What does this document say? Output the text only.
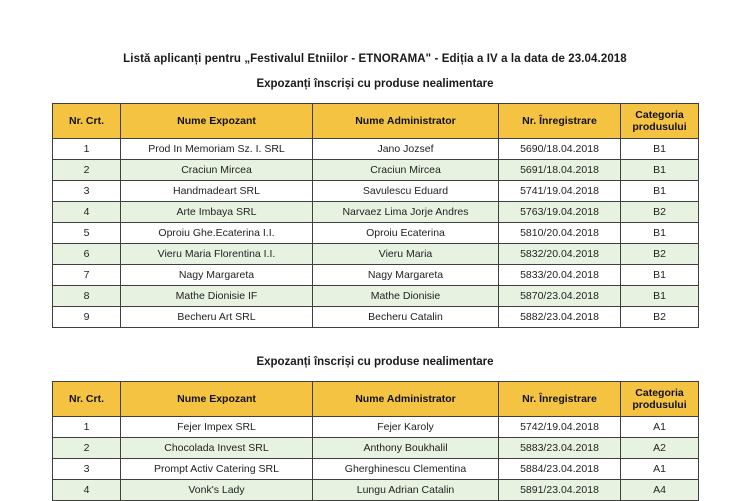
Listă aplicanți pentru „Festivalul Etniilor - ETNORAMA" - Ediția a IV a la data de 23.04.2018
Expozanți înscriși cu produse nealimentare
Nr. Crt.	Nume Expozant	Nume Administrator	Nr. Înregistrare	Categoria produsului
1	Prod In Memoriam Sz. I. SRL	Jano Jozsef	5690/18.04.2018	B1
2	Craciun Mircea	Craciun Mircea	5691/18.04.2018	B1
3	Handmadeart SRL	Savulescu Eduard	5741/19.04.2018	B1
4	Arte Imbaya SRL	Narvaez Lima Jorje Andres	5763/19.04.2018	B2
5	Oproiu Ghe.Ecaterina I.I.	Oproiu Ecaterina	5810/20.04.2018	B1
6	Vieru Maria Florentina I.I.	Vieru Maria	5832/20.04.2018	B2
7	Nagy Margareta	Nagy Margareta	5833/20.04.2018	B1
8	Mathe Dionisie IF	Mathe Dionisie	5870/23.04.2018	B1
9	Becheru Art SRL	Becheru Catalin	5882/23.04.2018	B2
Expozanți înscriși cu produse nealimentare
Nr. Crt.	Nume Expozant	Nume Administrator	Nr. Înregistrare	Categoria produsului
1	Fejer Impex SRL	Fejer Karoly	5742/19.04.2018	A1
2	Chocolada Invest SRL	Anthony Boukhalil	5883/23.04.2018	A2
3	Prompt Activ Catering SRL	Gherghinescu Clementina	5884/23.04.2018	A1
4	Vonk's Lady	Lungu Adrian Catalin	5891/23.04.2018	A4
